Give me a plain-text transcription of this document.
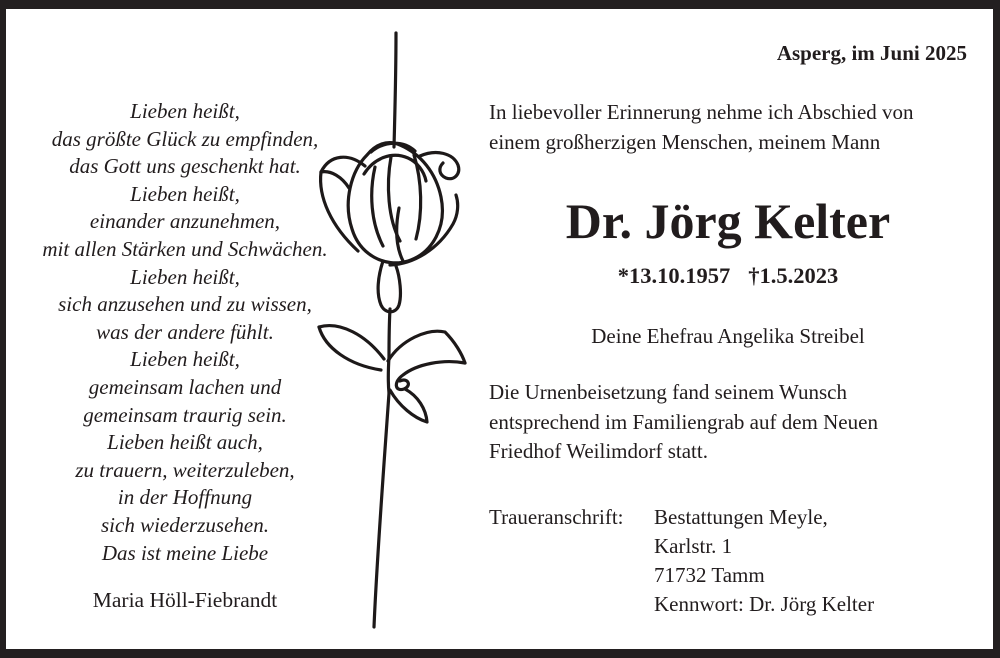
Lieben heißt,
das größte Glück zu empfinden,
das Gott uns geschenkt hat.
Lieben heißt,
einander anzunehmen,
mit allen Stärken und Schwächen.
Lieben heißt,
sich anzusehen und zu wissen,
was der andere fühlt.
Lieben heißt,
gemeinsam lachen und
gemeinsam traurig sein.
Lieben heißt auch,
zu trauern, weiterzuleben,
in der Hoffnung
sich wiederzusehen.
Das ist meine Liebe
Maria Höll-Fiebrandt
Asperg, im Juni 2025
In liebevoller Erinnerung nehme ich Abschied von
einem großherzigen Menschen, meinem Mann
Dr. Jörg Kelter
*13.10.1957 †1.5.2023
Deine Ehefrau Angelika Streibel
Die Urnenbeisetzung fand seinem Wunsch
entsprechend im Familiengrab auf dem Neuen
Friedhof Weilimdorf statt.
Traueranschrift:	Bestattungen Meyle,
Karlstr. 1
71732 Tamm
Kennwort: Dr. Jörg Kelter
